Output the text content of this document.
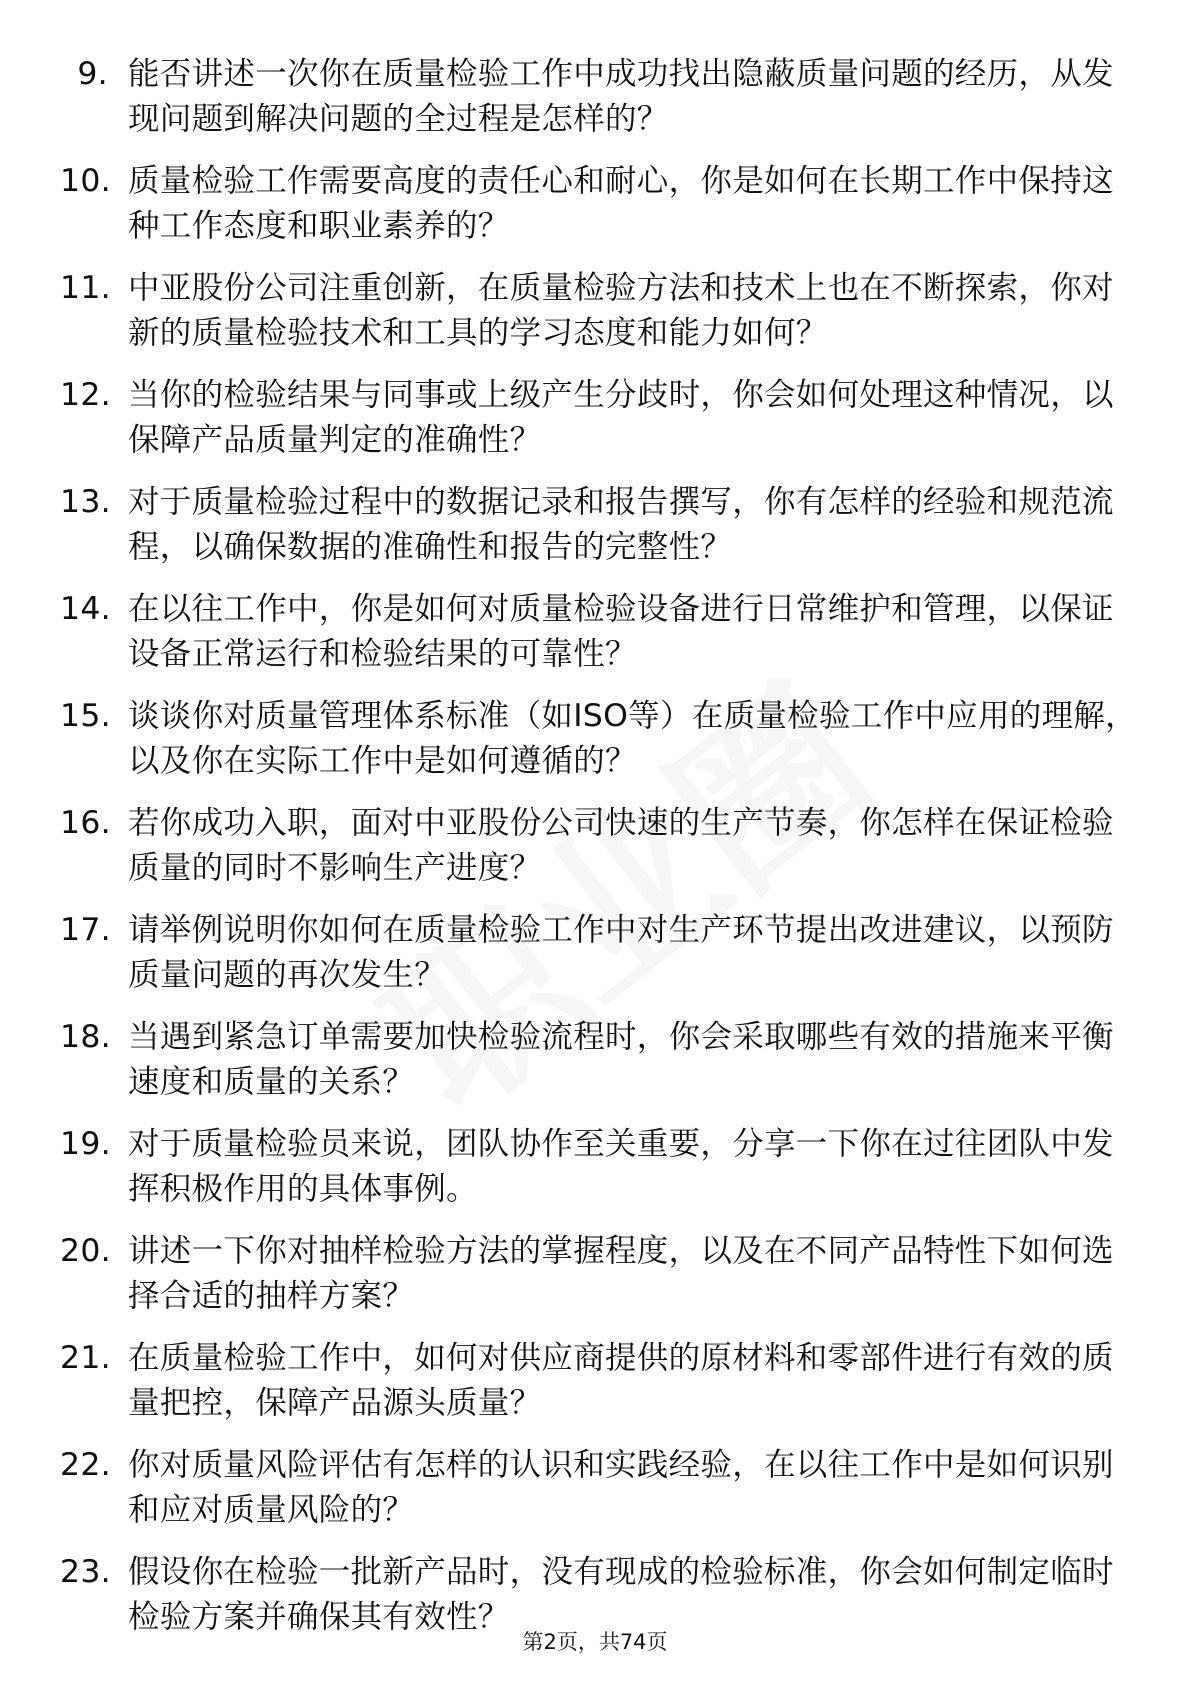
9. 能否讲述一次你在质量检验工作中成功找出隐蔽质量问题的经历，从发现问题到解决问题的全过程是怎样的？
10. 质量检验工作需要高度的责任心和耐心，你是如何在长期工作中保持这种工作态度和职业素养的？
11. 中亚股份公司注重创新，在质量检验方法和技术上也在不断探索，你对新的质量检验技术和工具的学习态度和能力如何？
12. 当你的检验结果与同事或上级产生分歧时，你会如何处理这种情况，以保障产品质量判定的准确性？
13. 对于质量检验过程中的数据记录和报告撰写，你有怎样的经验和规范流程，以确保数据的准确性和报告的完整性？
14. 在以往工作中，你是如何对质量检验设备进行日常维护和管理，以保证设备正常运行和检验结果的可靠性？
15. 谈谈你对质量管理体系标准（如ISO等）在质量检验工作中应用的理解，以及你在实际工作中是如何遵循的？
16. 若你成功入职，面对中亚股份公司快速的生产节奏，你怎样在保证检验质量的同时不影响生产进度？
17. 请举例说明你如何在质量检验工作中对生产环节提出改进建议，以预防质量问题的再次发生？
18. 当遇到紧急订单需要加快检验流程时，你会采取哪些有效的措施来平衡速度和质量的关系？
19. 对于质量检验员来说，团队协作至关重要，分享一下你在过往团队中发挥积极作用的具体事例。
20. 讲述一下你对抽样检验方法的掌握程度，以及在不同产品特性下如何选择合适的抽样方案？
21. 在质量检验工作中，如何对供应商提供的原材料和零部件进行有效的质量把控，保障产品源头质量？
22. 你对质量风险评估有怎样的认识和实践经验，在以往工作中是如何识别和应对质量风险的？
23. 假设你在检验一批新产品时，没有现成的检验标准，你会如何制定临时检验方案并确保其有效性？
第2页，共74页
